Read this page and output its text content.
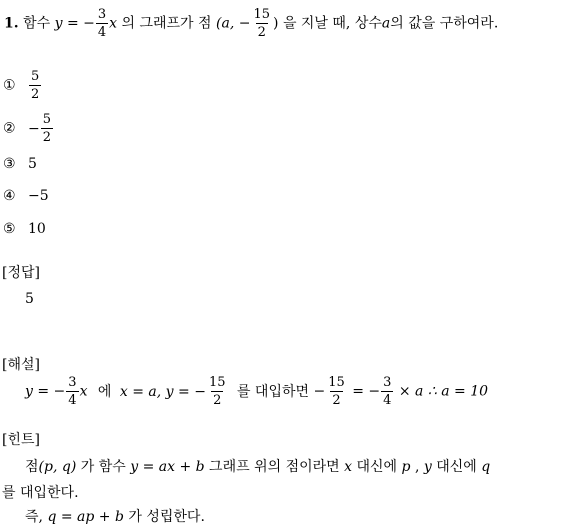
1. 함수 y = − $\frac{3}{4}$ x 의 그래프가 점 (a, − $\frac{15}{2}$ ) 을 지날 때, 상수a의 값을 구하여라.
① $\frac{5}{2}$
② − $\frac{5}{2}$
③ 5
④ −5
⑤ 10
[정답]
5
[해설]
y = − $\frac{3}{4}$ x 에 x = a, y = − $\frac{15}{2}$ 를 대입하면 − $\frac{15}{2}$ = − $\frac{3}{4} \times a$ ∴ a = 10
[힌트]
점(p, q) 가 함수 y = ax + b 그래프 위의 점이라면 x 대신에 p , y 대신에 q
를 대입한다.
즉, q = ap + b 가 성립한다.
